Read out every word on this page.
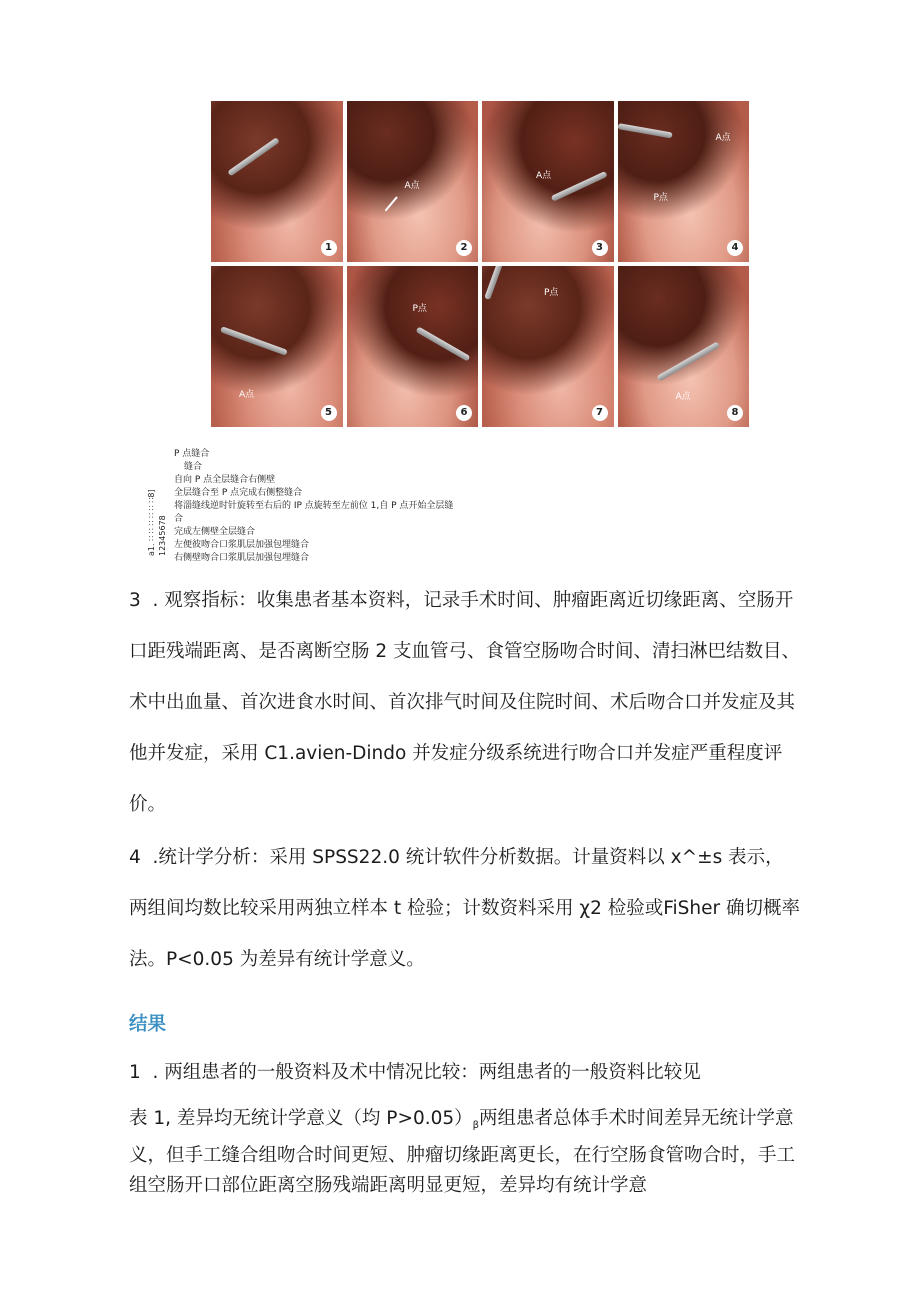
1
A点
2
A点
3
A点
P点
4
A点
5
P点
6
P点
7
A点
8
a1. ∷ ∷ ∷ ∷ ∷ ∷8] 12345678
P 点缝合
缝合
自向 P 点全层缝合右侧壁
全层缝合至 P 点完成右侧整缝合
将淄缝线逆时针旋转至右后的 IP 点旋转至左前位 1,自 P 点开始全层缝
合
完成左侧壁全层缝合
左便彼吻合口浆肌层加强包埋缝合
右侧壁吻合口浆肌层加强包埋缝合
3  . 观察指标：收集患者基本资料，记录手术时间、肿瘤距离近切缘距离、空肠开口距残端距离、是否离断空肠 2 支血管弓、食管空肠吻合时间、清扫淋巴结数目、术中出血量、首次进食水时间、首次排气时间及住院时间、术后吻合口并发症及其他并发症，采用 C1.avien-Dindo 并发症分级系统进行吻合口并发症严重程度评价。
4  .统计学分析：采用 SPSS22.0 统计软件分析数据。计量资料以 x^±s 表示，两组间均数比较采用两独立样本 t 检验；计数资料采用 χ2 检验或FiSher 确切概率法。P<0.05 为差异有统计学意义。
结果
1  . 两组患者的一般资料及术中情况比较：两组患者的一般资料比较见
表 1, 差异均无统计学意义（均 $P>0.05)_\beta$两组患者总体手术时间差异无统计学意义，但手工缝合组吻合时间更短、肿瘤切缘距离更长，在行空肠食管吻合时，手工组空肠开口部位距离空肠残端距离明显更短，差异均有统计学意
